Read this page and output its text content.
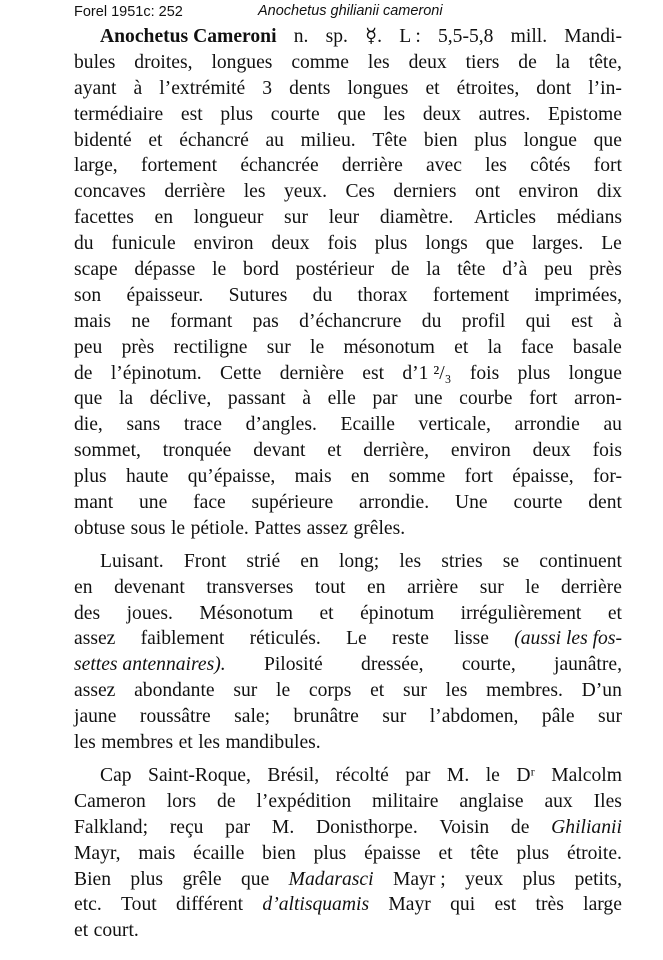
Forel 1951c: 252	Anochetus ghilianii cameroni
Anochetus Cameroni n. sp. ☿. L : 5,5-5,8 mill. Mandi-
bules droites, longues comme les deux tiers de la tête,
ayant à l’extrémité 3 dents longues et étroites, dont l’in-
termédiaire est plus courte que les deux autres. Epistome
bidenté et échancré au milieu. Tête bien plus longue que
large, fortement échancrée derrière avec les côtés fort
concaves derrière les yeux. Ces derniers ont environ dix
facettes en longueur sur leur diamètre. Articles médians
du funicule environ deux fois plus longs que larges. Le
scape dépasse le bord postérieur de la tête d’à peu près
son épaisseur. Sutures du thorax fortement imprimées,
mais ne formant pas d’échancrure du profil qui est à
peu près rectiligne sur le mésonotum et la face basale
de l’épinotum. Cette dernière est d’1 ²/₃ fois plus longue
que la déclive, passant à elle par une courbe fort arron-
die, sans trace d’angles. Ecaille verticale, arrondie au
sommet, tronquée devant et derrière, environ deux fois
plus haute qu’épaisse, mais en somme fort épaisse, for-
mant une face supérieure arrondie. Une courte dent
obtuse sous le pétiole. Pattes assez grêles.
Luisant. Front strié en long; les stries se continuent
en devenant transverses tout en arrière sur le derrière
des joues. Mésonotum et épinotum irrégulièrement et
assez faiblement réticulés. Le reste lisse (aussi les fos-
settes antennaires). Pilosité dressée, courte, jaunâtre,
assez abondante sur le corps et sur les membres. D’un
jaune roussâtre sale; brunâtre sur l’abdomen, pâle sur
les membres et les mandibules.
Cap Saint-Roque, Brésil, récolté par M. le Dʳ Malcolm
Cameron lors de l’expédition militaire anglaise aux Iles
Falkland; reçu par M. Donisthorpe. Voisin de Ghilianii
Mayr, mais écaille bien plus épaisse et tête plus étroite.
Bien plus grêle que Madarasci Mayr ; yeux plus petits,
etc. Tout différent d’altisquamis Mayr qui est très large
et court.
